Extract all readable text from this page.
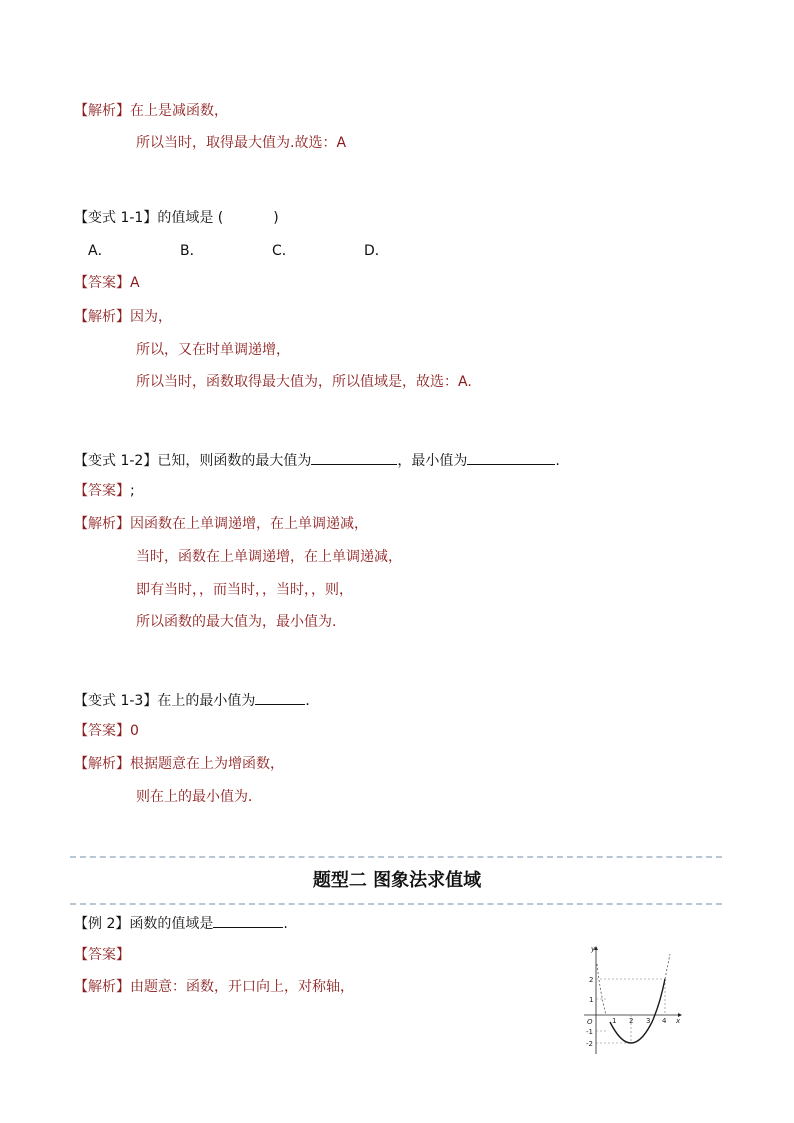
【解析】在上是减函数，
所以当时，取得最大值为.故选：A
【变式 1-1】的值域是 (	)
A．	B．	C．	D．
【答案】A
【解析】因为，
所以，又在时单调递增，
所以当时，函数取得最大值为，所以值域是，故选：A.
【变式 1-2】已知，则函数的最大值为	，最小值为	.
【答案】;
【解析】因函数在上单调递增，在上单调递减，
当时，函数在上单调递增，在上单调递减，
即有当时，，而当时，，当时，，则，
所以函数的最大值为，最小值为.
【变式 1-3】在上的最小值为	．
【答案】0
【解析】根据题意在上为增函数，
则在上的最小值为．
题型二 图象法求值域
【例 2】函数的值域是	.
【答案】
【解析】由题意：函数，开口向上，对称轴，
y
x
O	1 2 3 4
2
1
-1
-2
